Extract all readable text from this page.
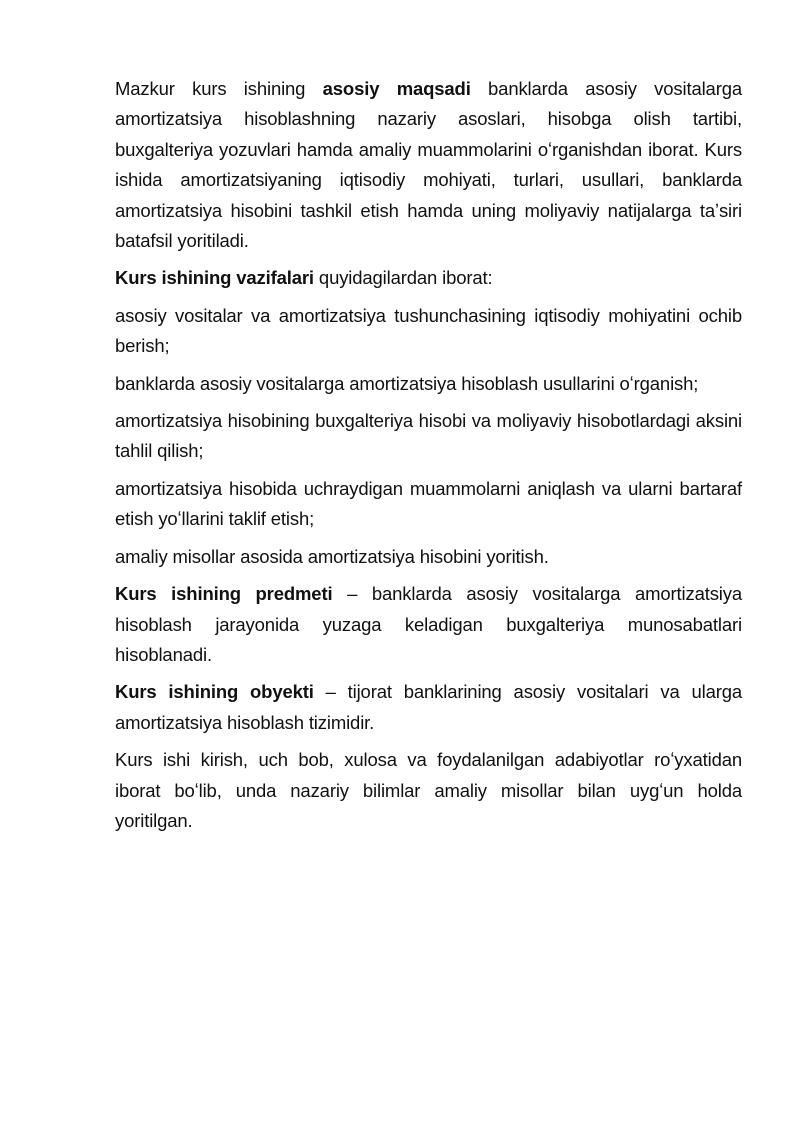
Mazkur kurs ishining asosiy maqsadi banklarda asosiy vositalarga amortizatsiya hisoblashning nazariy asoslari, hisobga olish tartibi, buxgalteriya yozuvlari hamda amaliy muammolarini oʻrganishdan iborat. Kurs ishida amortizatsiyaning iqtisodiy mohiyati, turlari, usullari, banklarda amortizatsiya hisobini tashkil etish hamda uning moliyaviy natijalarga taʼsiri batafsil yoritiladi.

Kurs ishining vazifalari quyidagilardan iborat:

asosiy vositalar va amortizatsiya tushunchasining iqtisodiy mohiyatini ochib berish;

banklarda asosiy vositalarga amortizatsiya hisoblash usullarini oʻrganish;

amortizatsiya hisobining buxgalteriya hisobi va moliyaviy hisobotlardagi aksini tahlil qilish;

amortizatsiya hisobida uchraydigan muammolarni aniqlash va ularni bartaraf etish yoʻllarini taklif etish;

amaliy misollar asosida amortizatsiya hisobini yoritish.

Kurs ishining predmeti – banklarda asosiy vositalarga amortizatsiya hisoblash jarayonida yuzaga keladigan buxgalteriya munosabatlari hisoblanadi.

Kurs ishining obyekti – tijorat banklarining asosiy vositalari va ularga amortizatsiya hisoblash tizimidir.

Kurs ishi kirish, uch bob, xulosa va foydalanilgan adabiyotlar roʻyxatidan iborat boʻlib, unda nazariy bilimlar amaliy misollar bilan uygʻun holda yoritilgan.
